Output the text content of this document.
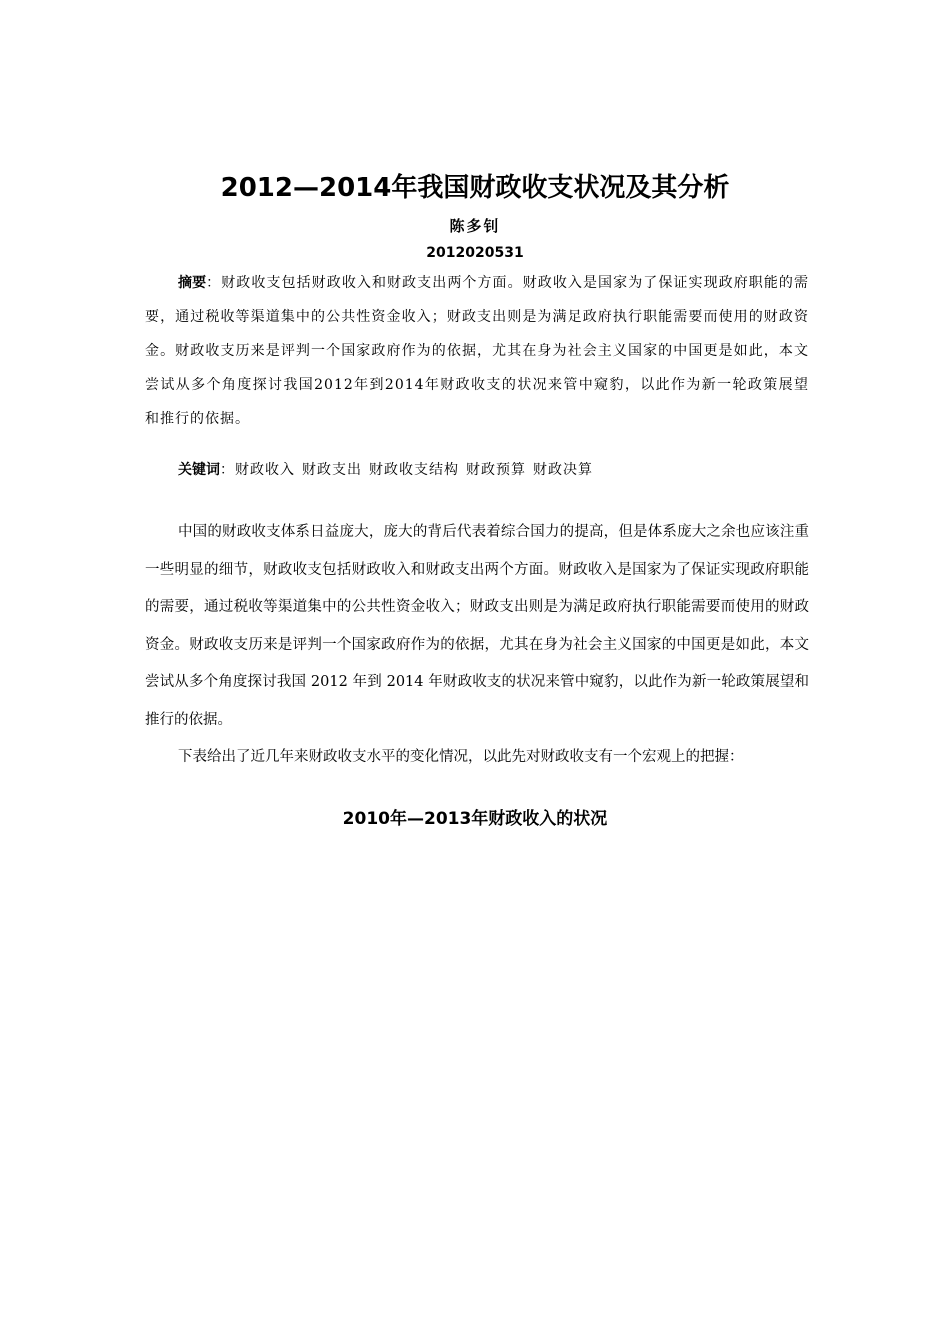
2012—2014年我国财政收支状况及其分析
陈多钊
2012020531

摘要：财政收支包括财政收入和财政支出两个方面。财政收入是国家为了保证实现政府职能的需要，通过税收等渠道集中的公共性资金收入；财政支出则是为满足政府执行职能需要而使用的财政资金。财政收支历来是评判一个国家政府作为的依据，尤其在身为社会主义国家的中国更是如此，本文尝试从多个角度探讨我国2012年到2014年财政收支的状况来管中窥豹，以此作为新一轮政策展望和推行的依据。

关键词：财政收入 财政支出 财政收支结构 财政预算 财政决算

中国的财政收支体系日益庞大，庞大的背后代表着综合国力的提高，但是体系庞大之余也应该注重一些明显的细节，财政收支包括财政收入和财政支出两个方面。财政收入是国家为了保证实现政府职能的需要，通过税收等渠道集中的公共性资金收入；财政支出则是为满足政府执行职能需要而使用的财政资金。财政收支历来是评判一个国家政府作为的依据，尤其在身为社会主义国家的中国更是如此，本文尝试从多个角度探讨我国 2012 年到 2014 年财政收支的状况来管中窥豹，以此作为新一轮政策展望和推行的依据。

下表给出了近几年来财政收支水平的变化情况，以此先对财政收支有一个宏观上的把握：

2010年—2013年财政收入的状况
